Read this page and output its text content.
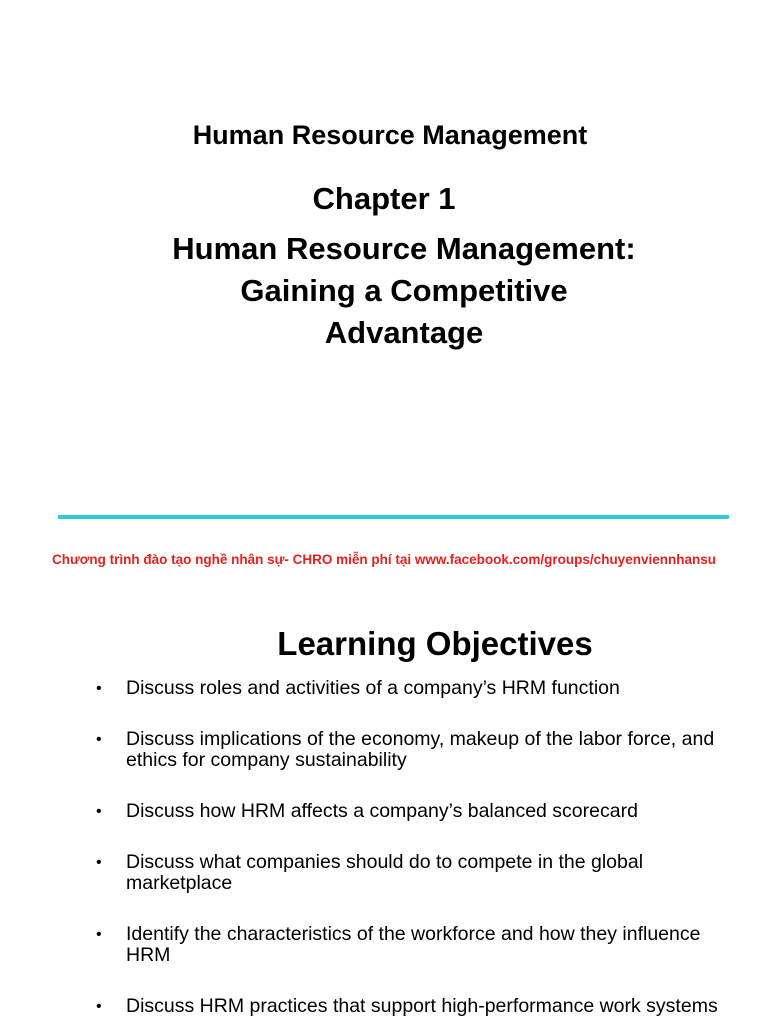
Human Resource Management
Chapter 1
Human Resource Management:
Gaining a Competitive
Advantage
Chương trình đào tạo nghề nhân sự- CHRO miễn phí tại www.facebook.com/groups/chuyenviennhansu
Learning Objectives
• Discuss roles and activities of a company’s HRM function
• Discuss implications of the economy, makeup of the labor force, and ethics for company sustainability
• Discuss how HRM affects a company’s balanced scorecard
• Discuss what companies should do to compete in the global marketplace
• Identify the characteristics of the workforce and how they influence HRM
• Discuss HRM practices that support high-performance work systems
